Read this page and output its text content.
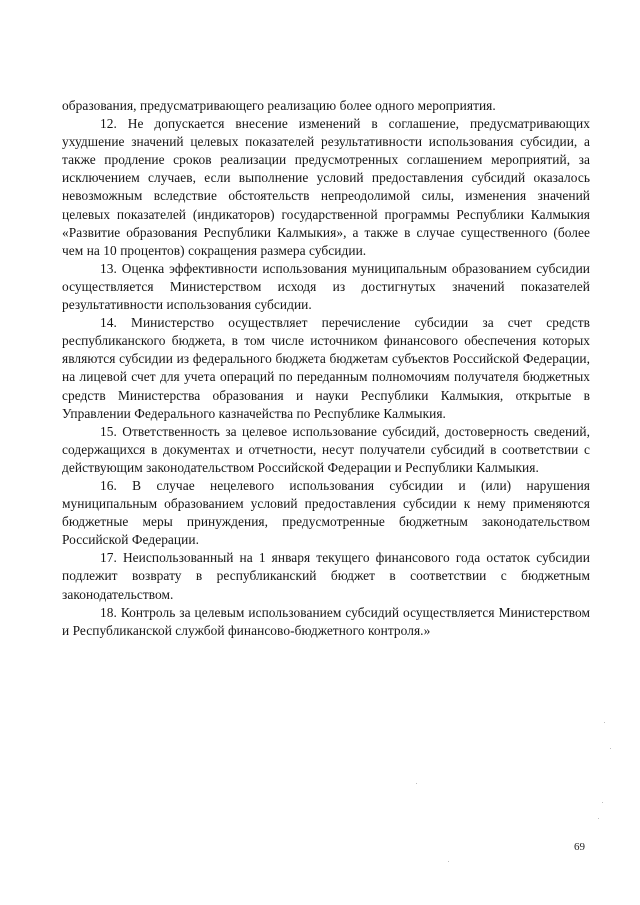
образования, предусматривающего реализацию более одного мероприятия.

12. Не допускается внесение изменений в соглашение, предусматривающих ухудшение значений целевых показателей результативности использования субсидии, а также продление сроков реализации предусмотренных соглашением мероприятий, за исключением случаев, если выполнение условий предоставления субсидий оказалось невозможным вследствие обстоятельств непреодолимой силы, изменения значений целевых показателей (индикаторов) государственной программы Республики Калмыкия «Развитие образования Республики Калмыкия», а также в случае существенного (более чем на 10 процентов) сокращения размера субсидии.

13. Оценка эффективности использования муниципальным образованием субсидии осуществляется Министерством исходя из достигнутых значений показателей результативности использования субсидии.

14. Министерство осуществляет перечисление субсидии за счет средств республиканского бюджета, в том числе источником финансового обеспечения которых являются субсидии из федерального бюджета бюджетам субъектов Российской Федерации, на лицевой счет для учета операций по переданным полномочиям получателя бюджетных средств Министерства образования и науки Республики Калмыкия, открытые в Управлении Федерального казначейства по Республике Калмыкия.

15. Ответственность за целевое использование субсидий, достоверность сведений, содержащихся в документах и отчетности, несут получатели субсидий в соответствии с действующим законодательством Российской Федерации и Республики Калмыкия.

16. В случае нецелевого использования субсидии и (или) нарушения муниципальным образованием условий предоставления субсидии к нему применяются бюджетные меры принуждения, предусмотренные бюджетным законодательством Российской Федерации.

17. Неиспользованный на 1 января текущего финансового года остаток субсидии подлежит возврату в республиканский бюджет в соответствии с бюджетным законодательством.

18. Контроль за целевым использованием субсидий осуществляется Министерством и Республиканской службой финансово-бюджетного контроля.»

69
